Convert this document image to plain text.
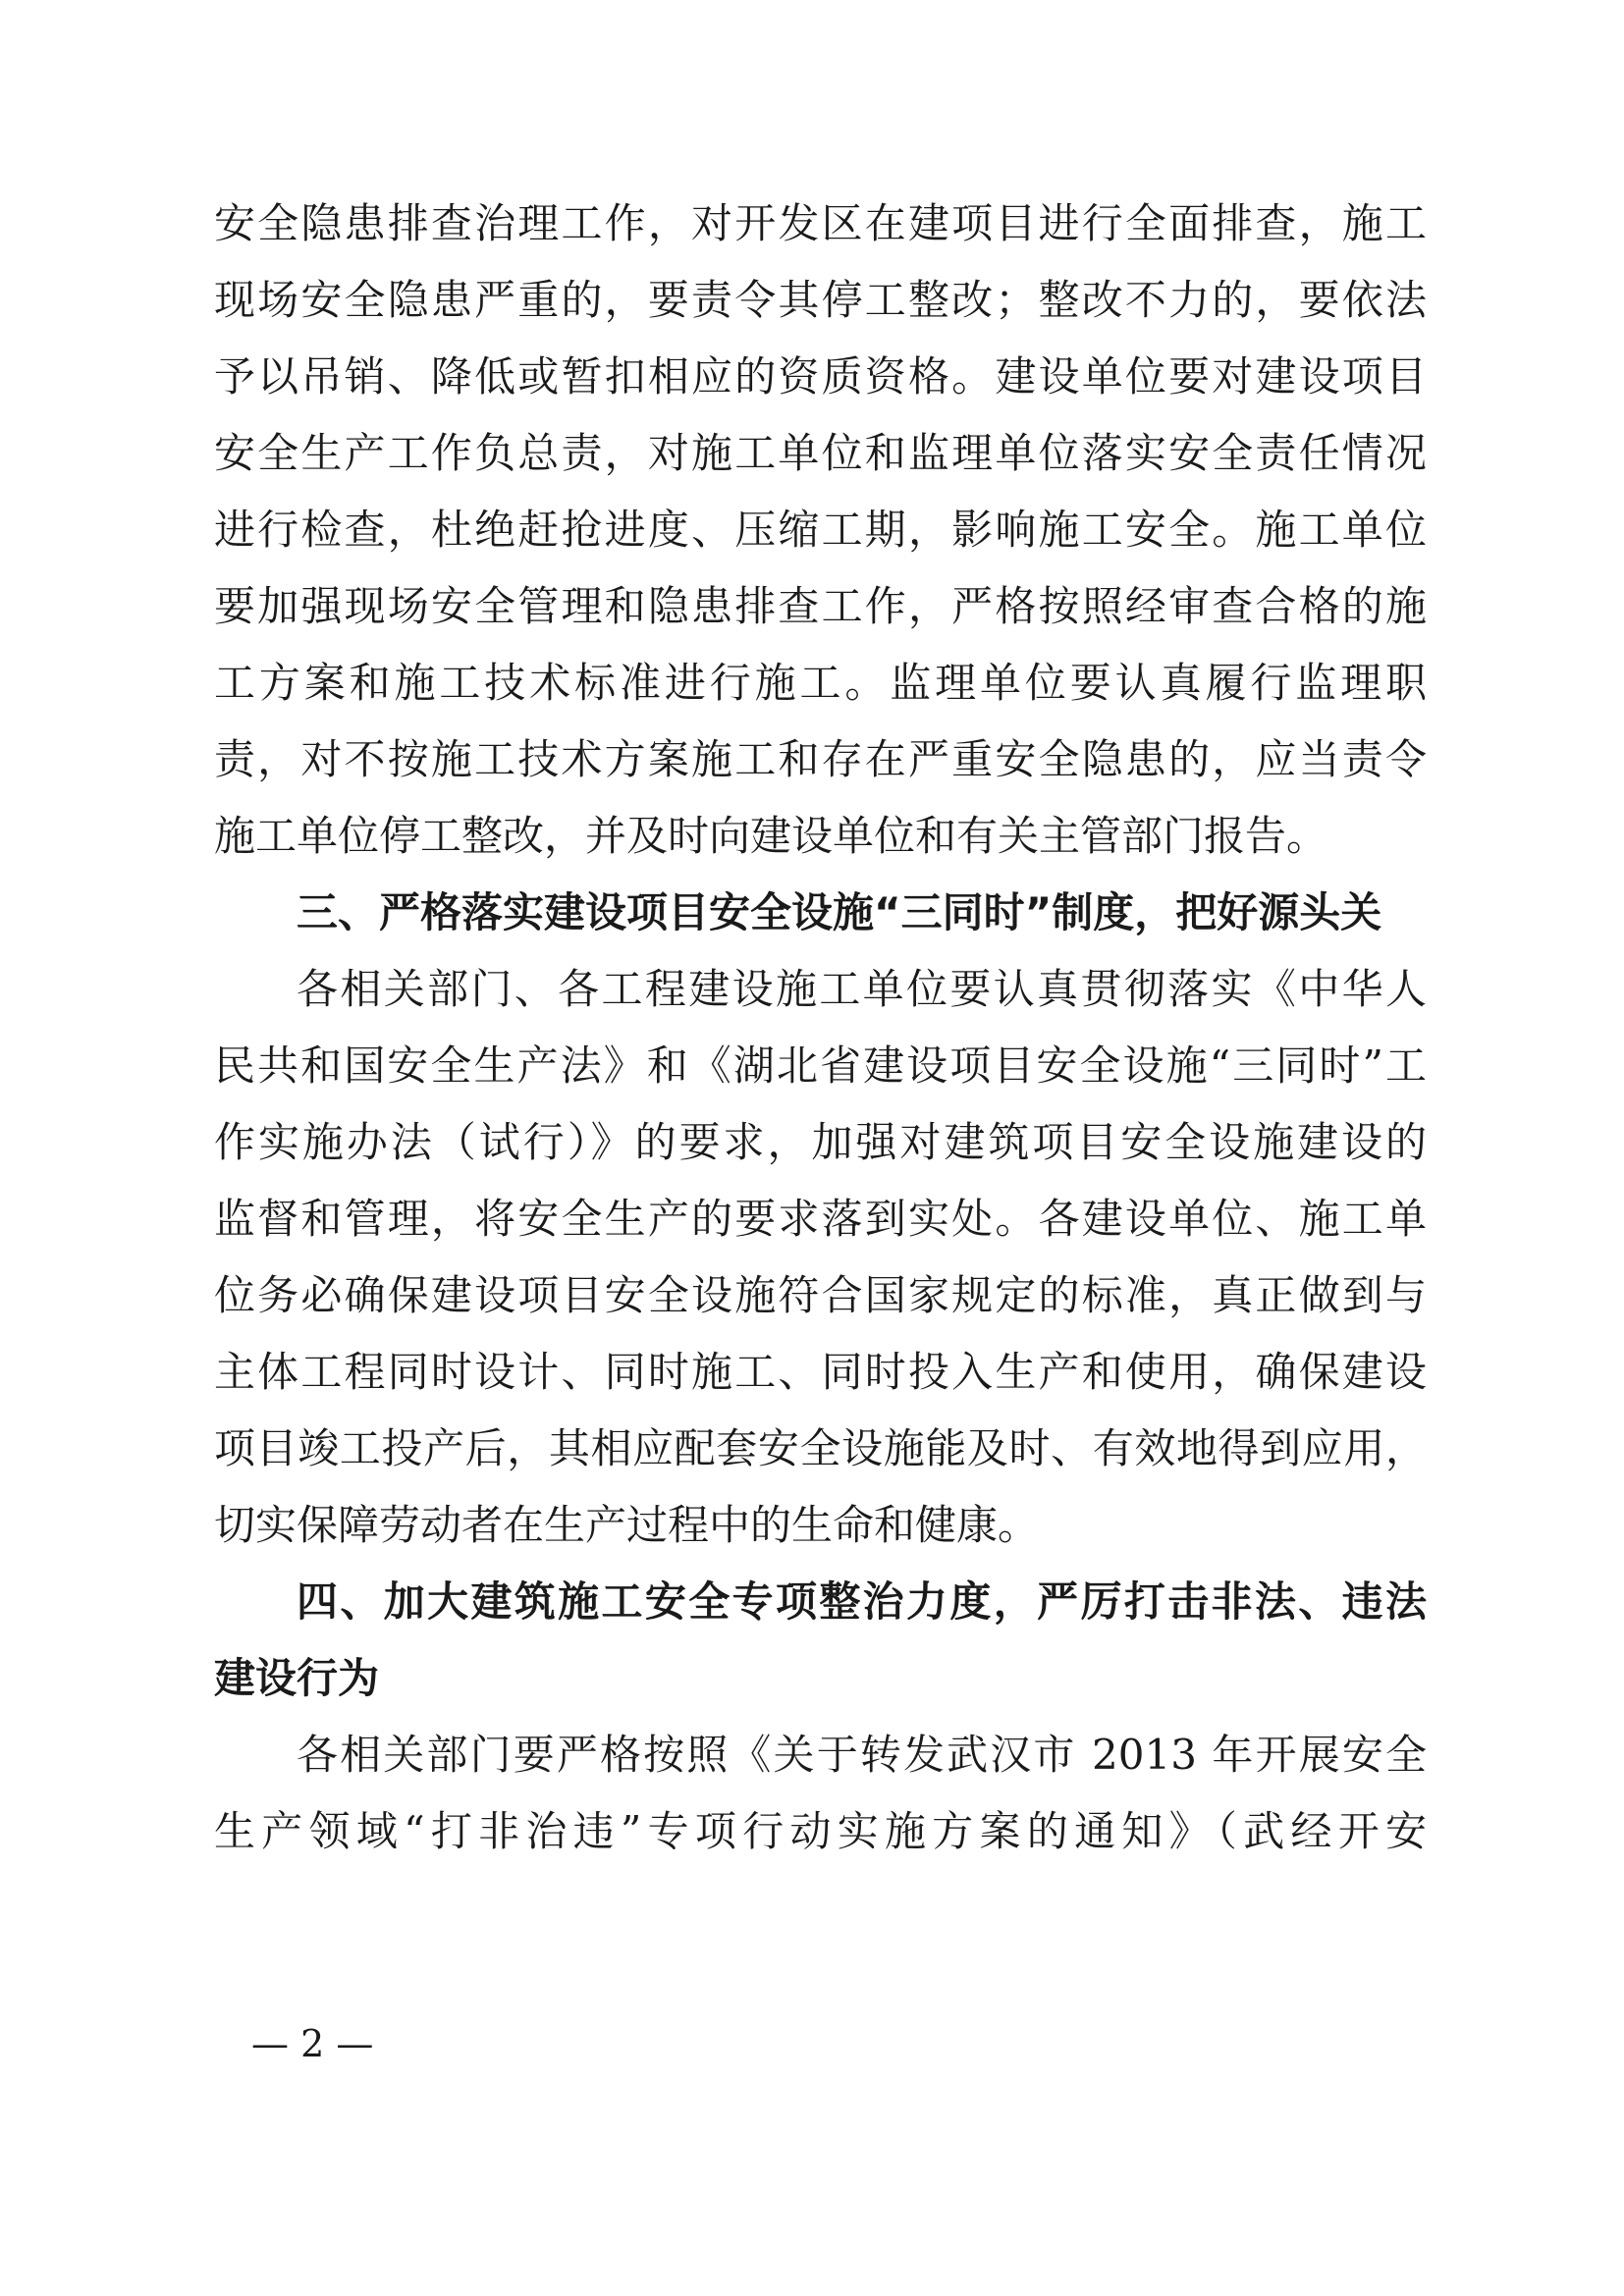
安全隐患排查治理工作，对开发区在建项目进行全面排查，施工
现场安全隐患严重的，要责令其停工整改；整改不力的，要依法
予以吊销、降低或暂扣相应的资质资格。建设单位要对建设项目
安全生产工作负总责，对施工单位和监理单位落实安全责任情况
进行检查，杜绝赶抢进度、压缩工期，影响施工安全。施工单位
要加强现场安全管理和隐患排查工作，严格按照经审查合格的施
工方案和施工技术标准进行施工。监理单位要认真履行监理职
责，对不按施工技术方案施工和存在严重安全隐患的，应当责令
施工单位停工整改，并及时向建设单位和有关主管部门报告。
三、严格落实建设项目安全设施“三同时”制度，把好源头关
各相关部门、各工程建设施工单位要认真贯彻落实《中华人
民共和国安全生产法》和《湖北省建设项目安全设施“三同时”工
作实施办法（试行）》的要求，加强对建筑项目安全设施建设的
监督和管理，将安全生产的要求落到实处。各建设单位、施工单
位务必确保建设项目安全设施符合国家规定的标准，真正做到与
主体工程同时设计、同时施工、同时投入生产和使用，确保建设
项目竣工投产后，其相应配套安全设施能及时、有效地得到应用，
切实保障劳动者在生产过程中的生命和健康。
四、加大建筑施工安全专项整治力度，严厉打击非法、违法
建设行为
各相关部门要严格按照《关于转发武汉市 2013 年开展安全
生产领域“打非治违”专项行动实施方案的通知》（武经开安
— 2 —
